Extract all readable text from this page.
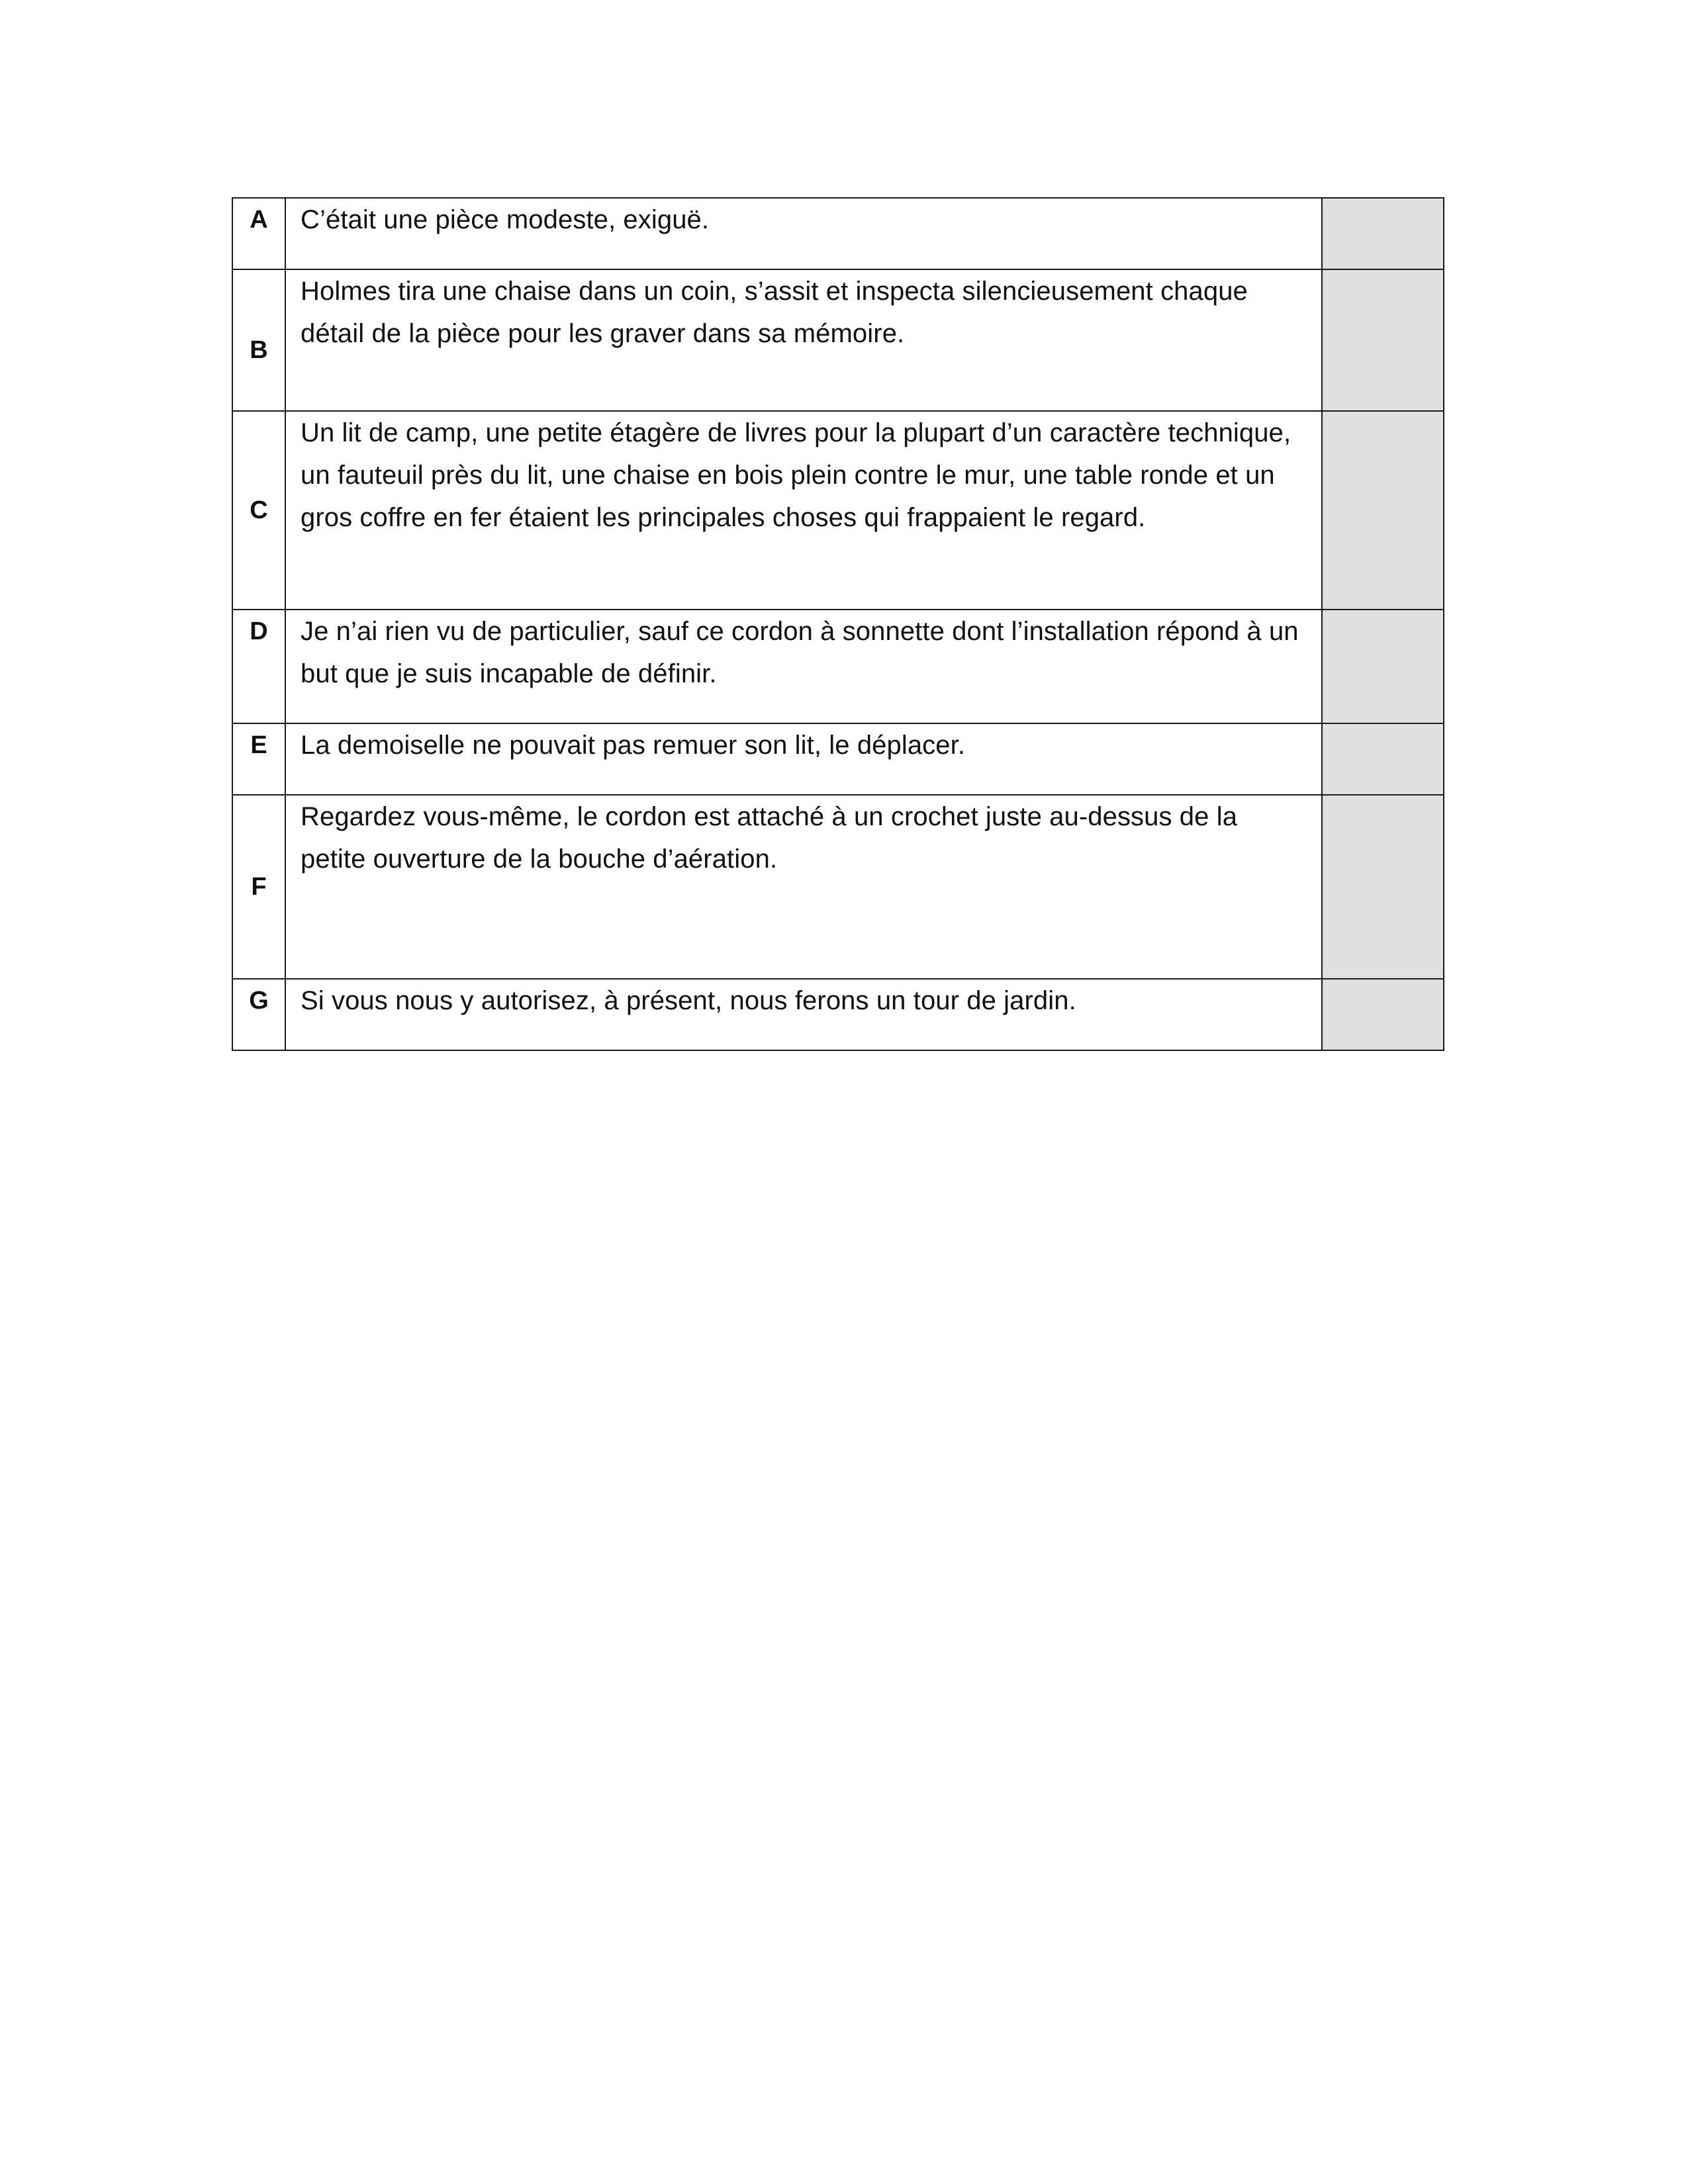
A	C’était une pièce modeste, exiguë.	

B	Holmes tira une chaise dans un coin, s’assit et inspecta silencieusement chaque détail de la pièce pour les graver dans sa mémoire.	

C	Un lit de camp, une petite étagère de livres pour la plupart d’un caractère technique, un fauteuil près du lit, une chaise en bois plein contre le mur, une table ronde et un gros coffre en fer étaient les principales choses qui frappaient le regard.	

D	Je n’ai rien vu de particulier, sauf ce cordon à sonnette dont l’installation répond à un but que je suis incapable de définir.	

E	La demoiselle ne pouvait pas remuer son lit, le déplacer.	

F	Regardez vous-même, le cordon est attaché à un crochet juste au-dessus de la petite ouverture de la bouche d’aération.	

G	Si vous nous y autorisez, à présent, nous ferons un tour de jardin.	
